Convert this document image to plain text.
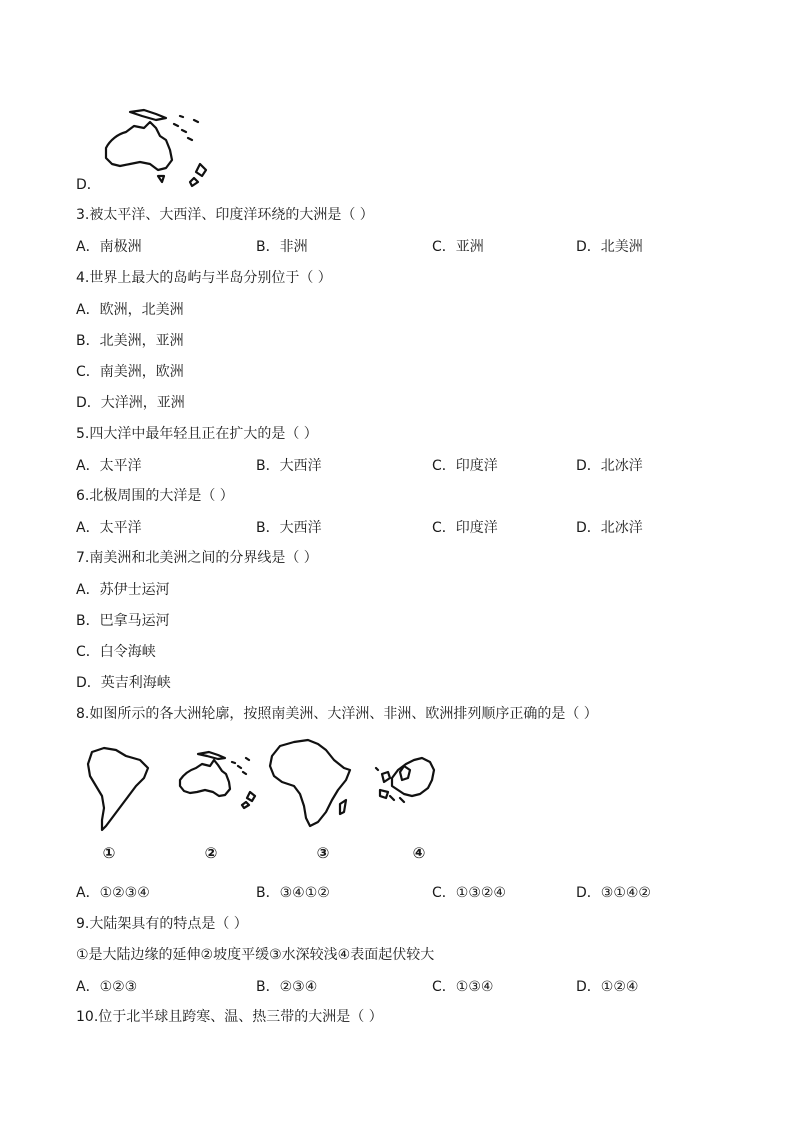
D．
3.被太平洋、大西洋、印度洋环绕的大洲是（ ）
A．南极洲	B．非洲	C．亚洲	D．北美洲
4.世界上最大的岛屿与半岛分别位于（ ）
A．欧洲，北美洲
B．北美洲，亚洲
C．南美洲，欧洲
D．大洋洲，亚洲
5.四大洋中最年轻且正在扩大的是（ ）
A．太平洋	B．大西洋	C．印度洋	D．北冰洋
6.北极周围的大洋是（ ）
A．太平洋	B．大西洋	C．印度洋	D．北冰洋
7.南美洲和北美洲之间的分界线是（ ）
A．苏伊士运河
B．巴拿马运河
C．白令海峡
D．英吉利海峡
8.如图所示的各大洲轮廓，按照南美洲、大洋洲、非洲、欧洲排列顺序正确的是（ ）
①	②	③	④
A．①②③④	B．③④①②	C．①③②④	D．③①④②
9.大陆架具有的特点是（ ）
①是大陆边缘的延伸②坡度平缓③水深较浅④表面起伏较大
A．①②③	B．②③④	C．①③④	D．①②④
10.位于北半球且跨寒、温、热三带的大洲是（ ）
